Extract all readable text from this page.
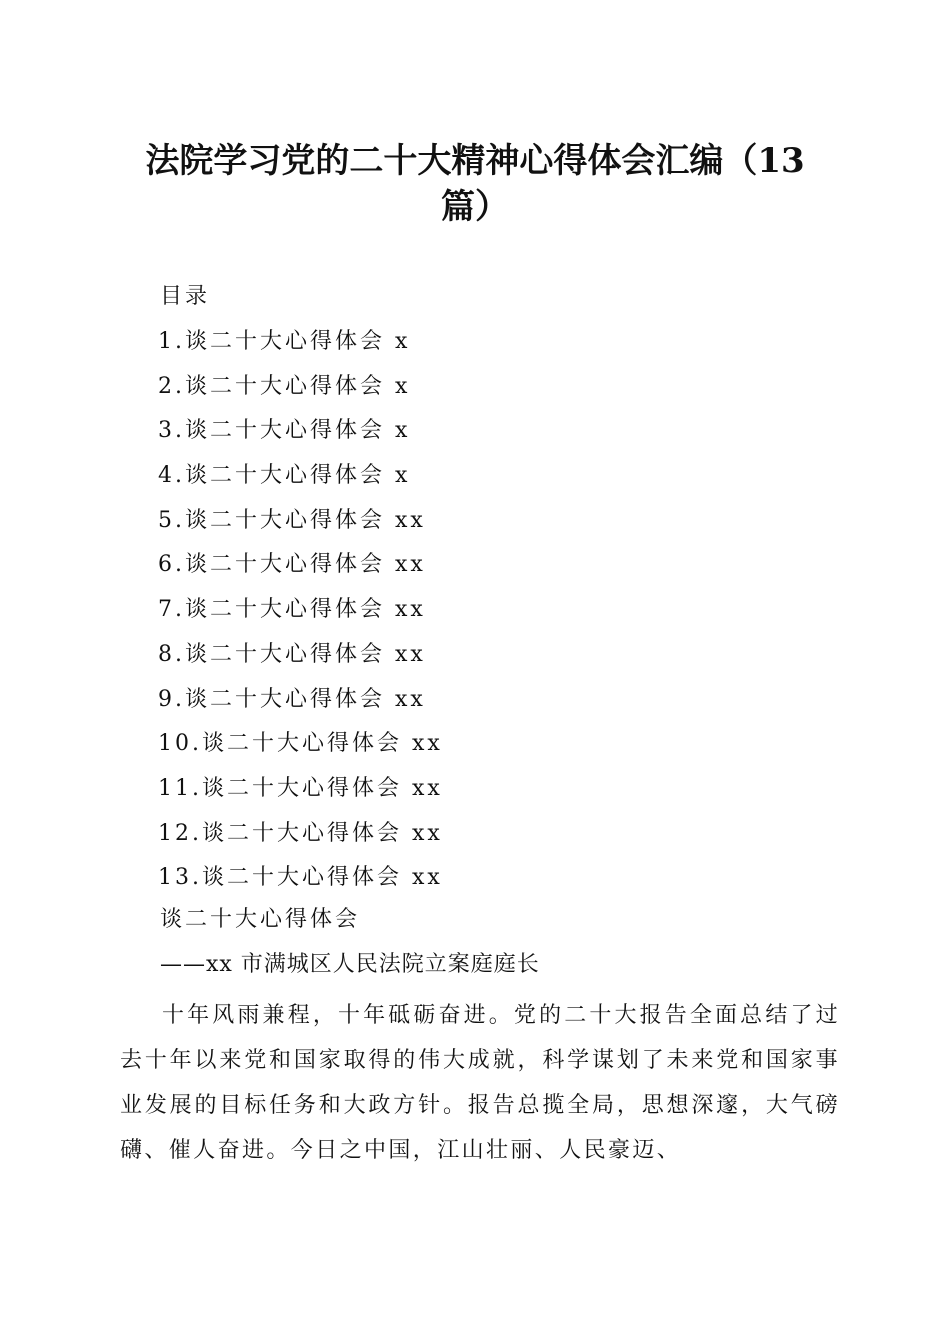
法院学习党的二十大精神心得体会汇编（13篇）
目录
1.谈二十大心得体会 x
2.谈二十大心得体会 x
3.谈二十大心得体会 x
4.谈二十大心得体会 x
5.谈二十大心得体会 xx
6.谈二十大心得体会 xx
7.谈二十大心得体会 xx
8.谈二十大心得体会 xx
9.谈二十大心得体会 xx
10.谈二十大心得体会 xx
11.谈二十大心得体会 xx
12.谈二十大心得体会 xx
13.谈二十大心得体会 xx
谈二十大心得体会
——xx 市满城区人民法院立案庭庭长

十年风雨兼程，十年砥砺奋进。党的二十大报告全面总结了过去十年以来党和国家取得的伟大成就，科学谋划了未来党和国家事业发展的目标任务和大政方针。报告总揽全局，思想深邃，大气磅礴、催人奋进。今日之中国，江山壮丽、人民豪迈、
